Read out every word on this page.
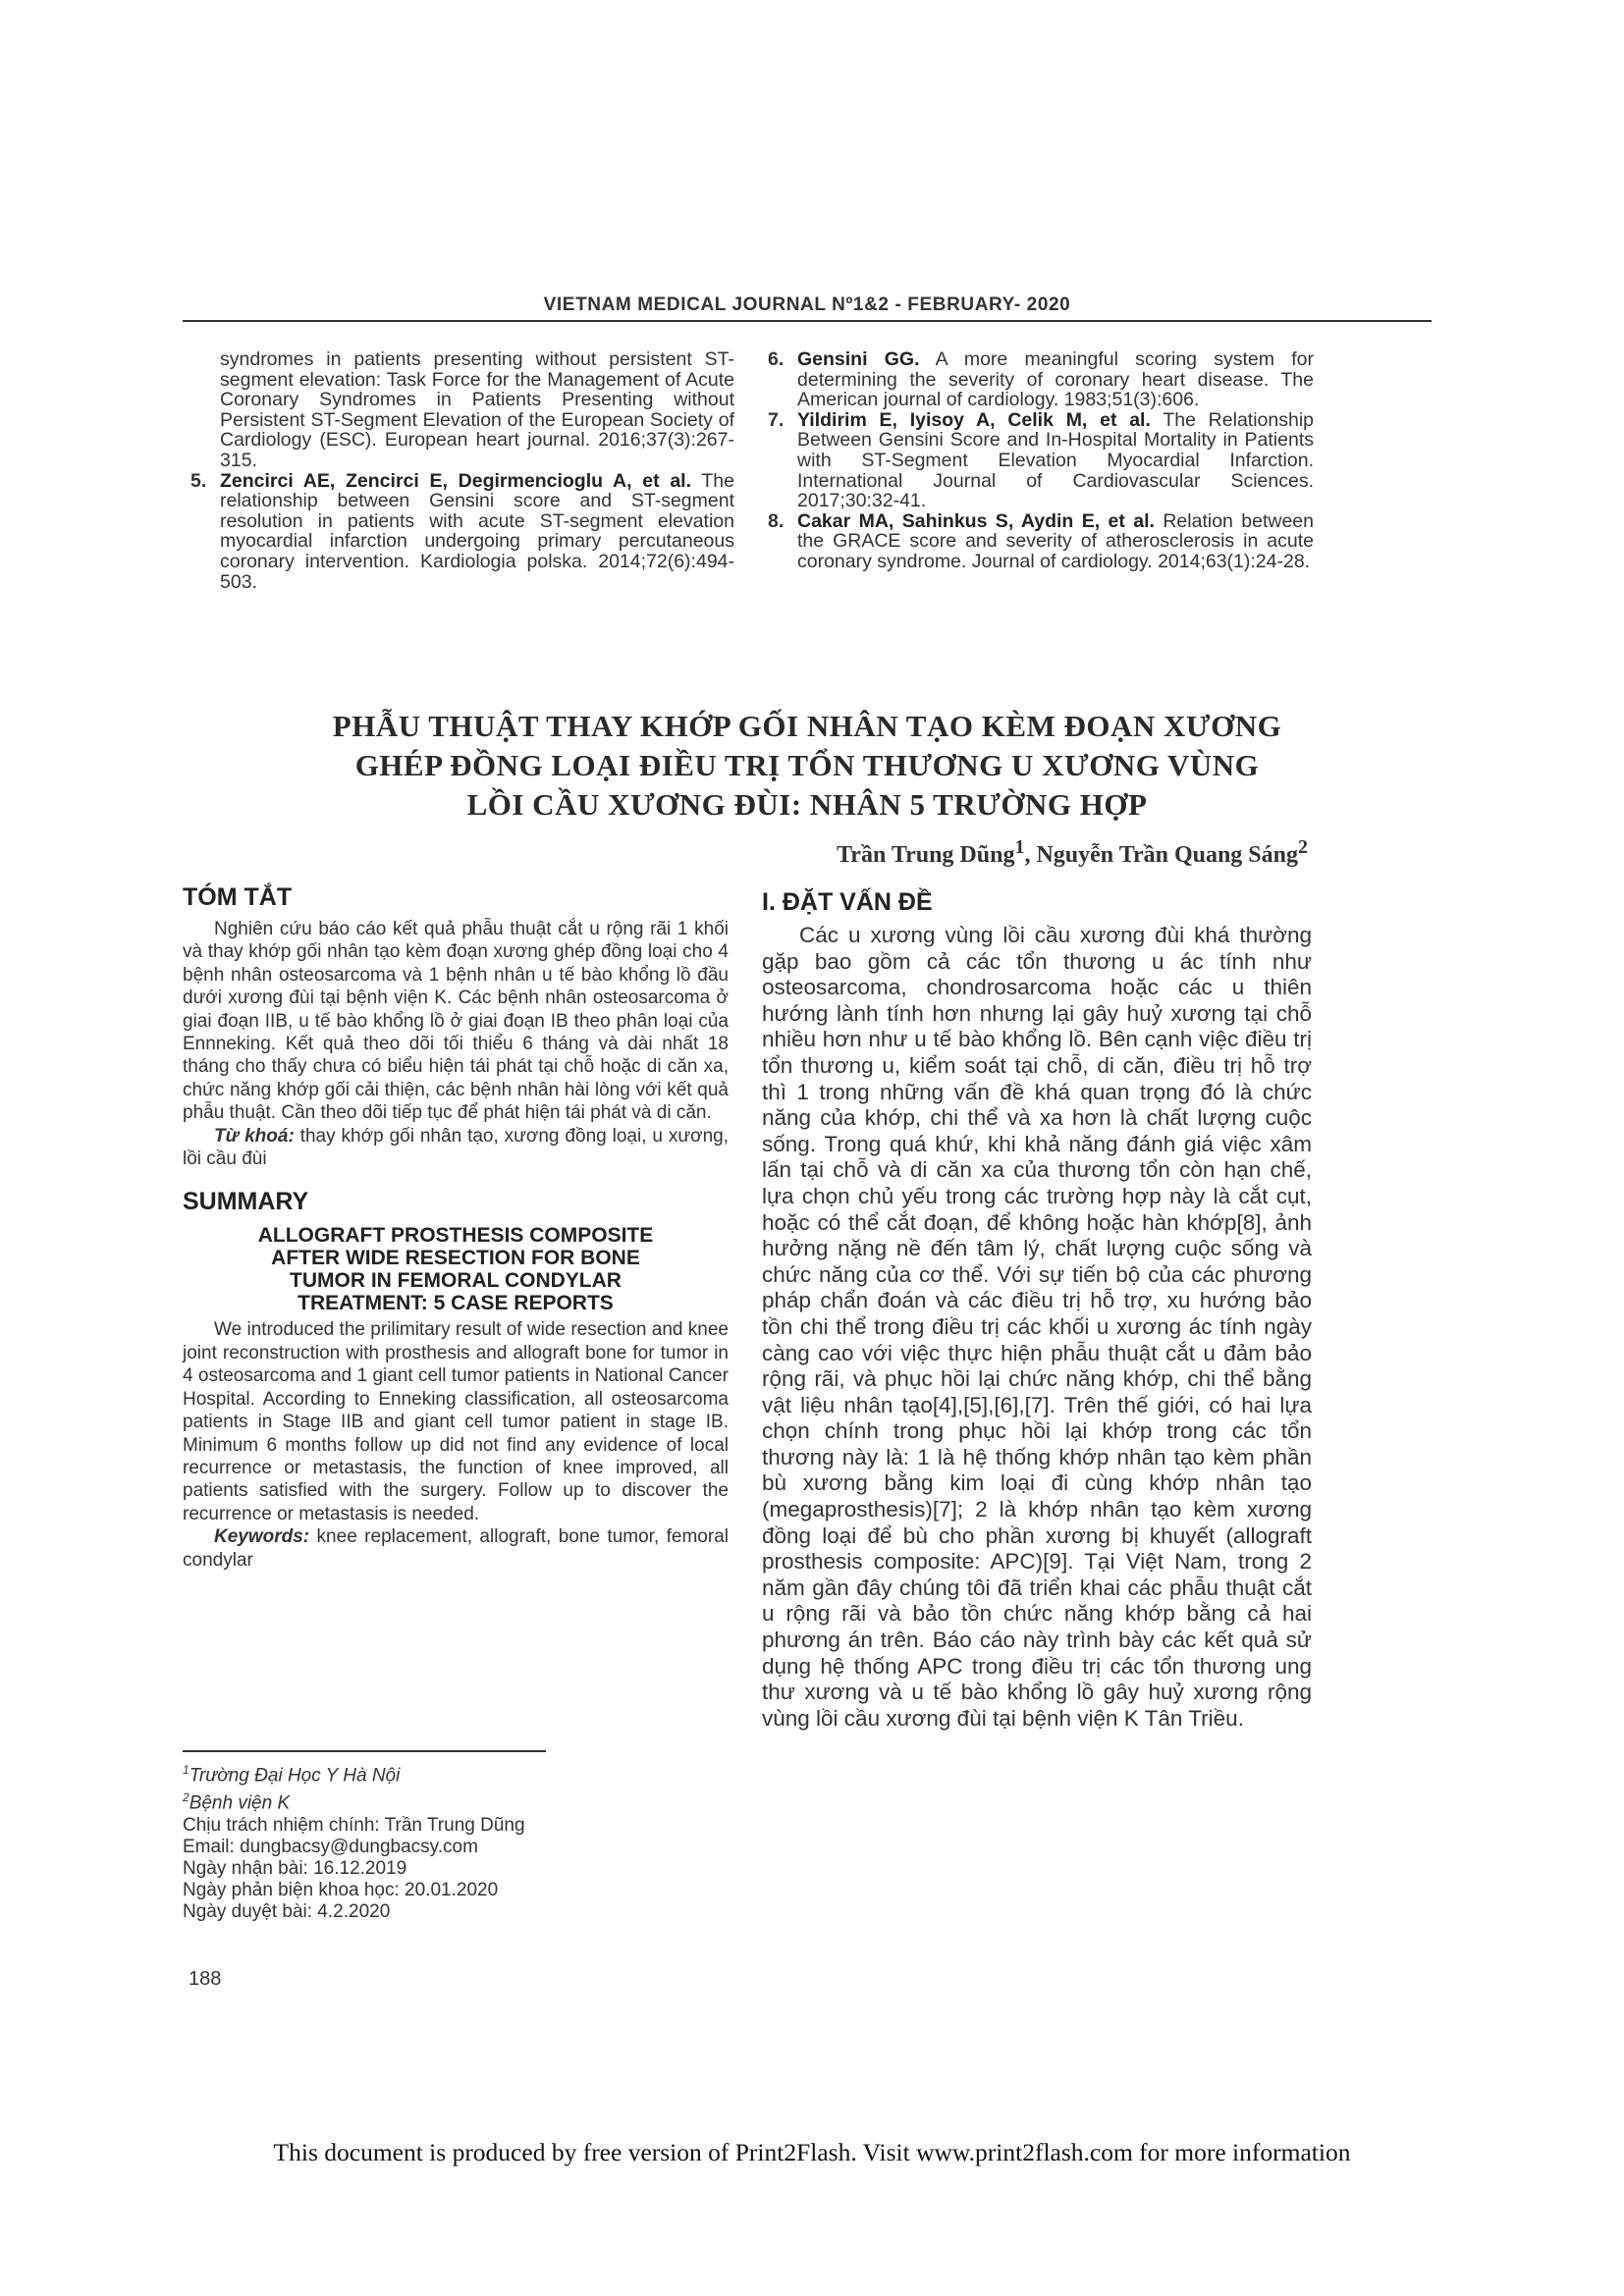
VIETNAM MEDICAL JOURNAL Nº1&2 - FEBRUARY- 2020

syndromes in patients presenting without persistent ST-segment elevation: Task Force for the Management of Acute Coronary Syndromes in Patients Presenting without Persistent ST-Segment Elevation of the European Society of Cardiology (ESC). European heart journal. 2016;37(3):267-315.

5. Zencirci AE, Zencirci E, Degirmencioglu A, et al. The relationship between Gensini score and ST-segment resolution in patients with acute ST-segment elevation myocardial infarction undergoing primary percutaneous coronary intervention. Kardiologia polska. 2014;72(6):494-503.

6. Gensini GG. A more meaningful scoring system for determining the severity of coronary heart disease. The American journal of cardiology. 1983;51(3):606.

7. Yildirim E, Iyisoy A, Celik M, et al. The Relationship Between Gensini Score and In-Hospital Mortality in Patients with ST-Segment Elevation Myocardial Infarction. International Journal of Cardiovascular Sciences. 2017;30:32-41.

8. Cakar MA, Sahinkus S, Aydin E, et al. Relation between the GRACE score and severity of atherosclerosis in acute coronary syndrome. Journal of cardiology. 2014;63(1):24-28.

PHẪU THUẬT THAY KHỚP GỐI NHÂN TẠO KÈM ĐOẠN XƯƠNG
GHÉP ĐỒNG LOẠI ĐIỀU TRỊ TỔN THƯƠNG U XƯƠNG VÙNG
LỒI CẦU XƯƠNG ĐÙI: NHÂN 5 TRƯỜNG HỢP
Trần Trung Dũng$^1$, Nguyễn Trần Quang Sáng$^2$
TÓM TẮT

Nghiên cứu báo cáo kết quả phẫu thuật cắt u rộng rãi 1 khối và thay khớp gối nhân tạo kèm đoạn xương ghép đồng loại cho 4 bệnh nhân osteosarcoma và 1 bệnh nhân u tế bào khổng lồ đầu dưới xương đùi tại bệnh viện K. Các bệnh nhân osteosarcoma ở giai đoạn IIB, u tế bào khổng lồ ở giai đoạn IB theo phân loại của Ennneking. Kết quả theo dõi tối thiểu 6 tháng và dài nhất 18 tháng cho thấy chưa có biểu hiện tái phát tại chỗ hoặc di căn xa, chức năng khớp gối cải thiện, các bệnh nhân hài lòng với kết quả phẫu thuật. Cần theo dõi tiếp tục để phát hiện tái phát và di căn.

Từ khoá: thay khớp gối nhân tạo, xương đồng loại, u xương, lồi cầu đùi

SUMMARY
ALLOGRAFT PROSTHESIS COMPOSITE
AFTER WIDE RESECTION FOR BONE
TUMOR IN FEMORAL CONDYLAR
TREATMENT: 5 CASE REPORTS

We introduced the prilimitary result of wide resection and knee joint reconstruction with prosthesis and allograft bone for tumor in 4 osteosarcoma and 1 giant cell tumor patients in National Cancer Hospital. According to Enneking classification, all osteosarcoma patients in Stage IIB and giant cell tumor patient in stage IB. Minimum 6 months follow up did not find any evidence of local recurrence or metastasis, the function of knee improved, all patients satisfied with the surgery. Follow up to discover the recurrence or metastasis is needed.

Keywords: knee replacement, allograft, bone tumor, femoral condylar

I. ĐẶT VẤN ĐỀ

Các u xương vùng lồi cầu xương đùi khá thường gặp bao gồm cả các tổn thương u ác tính như osteosarcoma, chondrosarcoma hoặc các u thiên hướng lành tính hơn nhưng lại gây huỷ xương tại chỗ nhiều hơn như u tế bào khổng lồ. Bên cạnh việc điều trị tổn thương u, kiểm soát tại chỗ, di căn, điều trị hỗ trợ thì 1 trong những vấn đề khá quan trọng đó là chức năng của khớp, chi thể và xa hơn là chất lượng cuộc sống. Trong quá khứ, khi khả năng đánh giá việc xâm lấn tại chỗ và di căn xa của thương tổn còn hạn chế, lựa chọn chủ yếu trong các trường hợp này là cắt cụt, hoặc có thể cắt đoạn, để không hoặc hàn khớp[8], ảnh hưởng nặng nề đến tâm lý, chất lượng cuộc sống và chức năng của cơ thể. Với sự tiến bộ của các phương pháp chẩn đoán và các điều trị hỗ trợ, xu hướng bảo tồn chi thể trong điều trị các khối u xương ác tính ngày càng cao với việc thực hiện phẫu thuật cắt u đảm bảo rộng rãi, và phục hồi lại chức năng khớp, chi thể bằng vật liệu nhân tạo[4],[5],[6],[7]. Trên thế giới, có hai lựa chọn chính trong phục hồi lại khớp trong các tổn thương này là: 1 là hệ thống khớp nhân tạo kèm phần bù xương bằng kim loại đi cùng khớp nhân tạo (megaprosthesis)[7]; 2 là khớp nhân tạo kèm xương đồng loại để bù cho phần xương bị khuyết (allograft prosthesis composite: APC)[9]. Tại Việt Nam, trong 2 năm gần đây chúng tôi đã triển khai các phẫu thuật cắt u rộng rãi và bảo tồn chức năng khớp bằng cả hai phương án trên. Báo cáo này trình bày các kết quả sử dụng hệ thống APC trong điều trị các tổn thương ung thư xương và u tế bào khổng lồ gây huỷ xương rộng vùng lồi cầu xương đùi tại bệnh viện K Tân Triều.

$^1$Trường Đại Học Y Hà Nội
$^2$Bệnh viện K
Chịu trách nhiệm chính: Trần Trung Dũng
Email: dungbacsy@dungbacsy.com
Ngày nhận bài: 16.12.2019
Ngày phản biện khoa học: 20.01.2020
Ngày duyệt bài: 4.2.2020
188
This document is produced by free version of Print2Flash. Visit www.print2flash.com for more information
